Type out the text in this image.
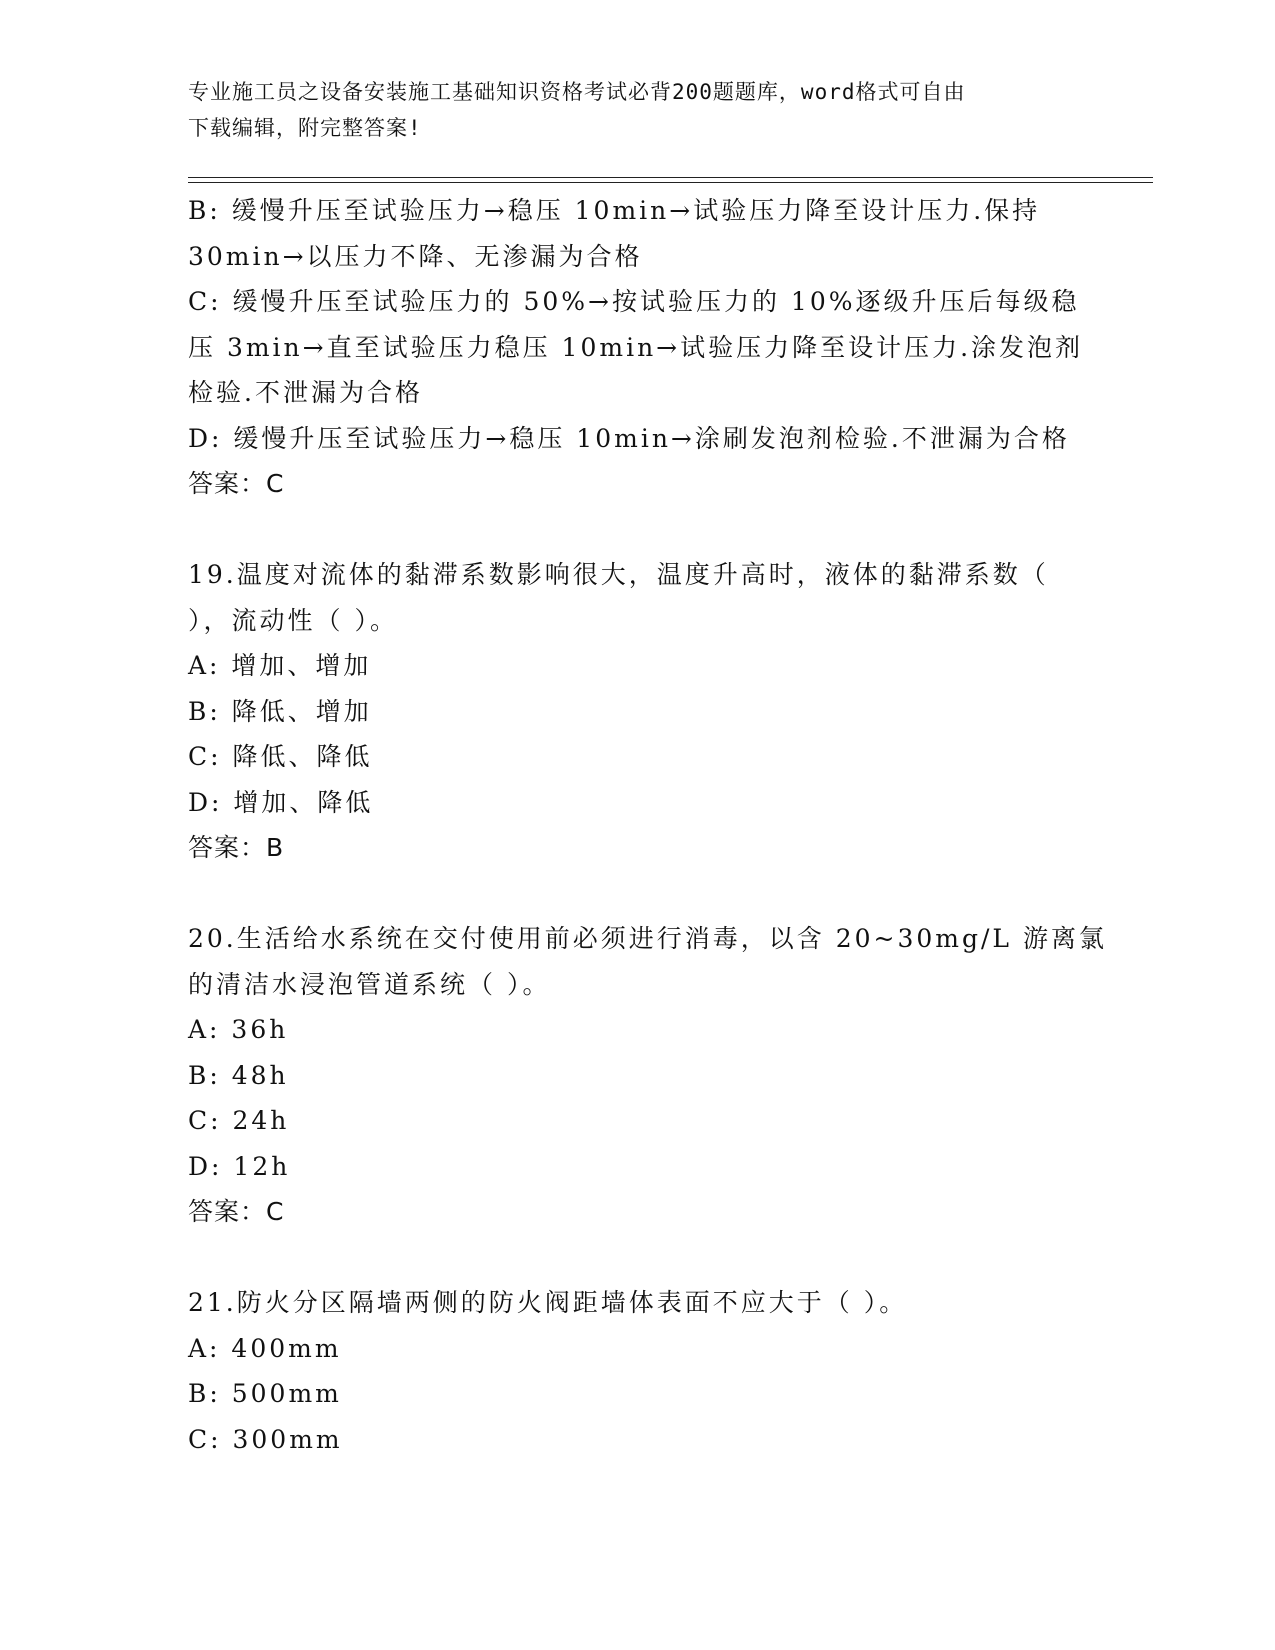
专业施工员之设备安装施工基础知识资格考试必背200题题库，word格式可自由
下载编辑，附完整答案!
B: 缓慢升压至试验压力→稳压 10min→试验压力降至设计压力.保持
30min→以压力不降、无渗漏为合格
C: 缓慢升压至试验压力的 50%→按试验压力的 10%逐级升压后每级稳
压 3min→直至试验压力稳压 10min→试验压力降至设计压力.涂发泡剂
检验.不泄漏为合格
D: 缓慢升压至试验压力→稳压 10min→涂刷发泡剂检验.不泄漏为合格
答案：C
19.温度对流体的黏滞系数影响很大，温度升高时，液体的黏滞系数（
），流动性（ ）。
A: 增加、增加
B: 降低、增加
C: 降低、降低
D: 增加、降低
答案：B
20.生活给水系统在交付使用前必须进行消毒，以含 20~30mg/L 游离氯
的清洁水浸泡管道系统（ ）。
A: 36h
B: 48h
C: 24h
D: 12h
答案：C
21.防火分区隔墙两侧的防火阀距墙体表面不应大于（ ）。
A: 400mm
B: 500mm
C: 300mm
